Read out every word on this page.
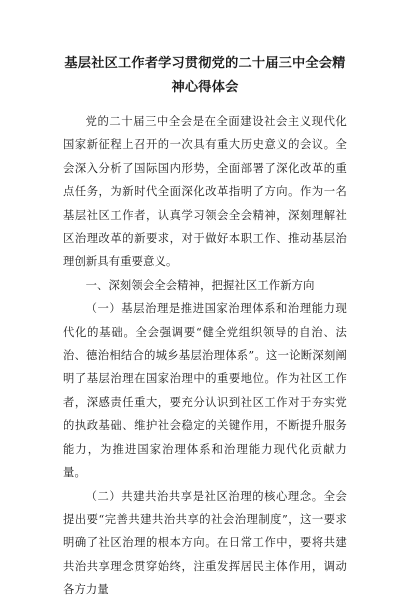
基层社区工作者学习贯彻党的二十届三中全会精神心得体会

党的二十届三中全会是在全面建设社会主义现代化国家新征程上召开的一次具有重大历史意义的会议。全会深入分析了国际国内形势，全面部署了深化改革的重点任务，为新时代全面深化改革指明了方向。作为一名基层社区工作者，认真学习领会全会精神，深刻理解社区治理改革的新要求，对于做好本职工作、推动基层治理创新具有重要意义。

一、深刻领会全会精神，把握社区工作新方向

（一）基层治理是推进国家治理体系和治理能力现代化的基础。全会强调要“健全党组织领导的自治、法治、德治相结合的城乡基层治理体系”。这一论断深刻阐明了基层治理在国家治理中的重要地位。作为社区工作者，深感责任重大，要充分认识到社区工作对于夯实党的执政基础、维护社会稳定的关键作用，不断提升服务能力，为推进国家治理体系和治理能力现代化贡献力量。

（二）共建共治共享是社区治理的核心理念。全会提出要“完善共建共治共享的社会治理制度”，这一要求明确了社区治理的根本方向。在日常工作中，要将共建共治共享理念贯穿始终，注重发挥居民主体作用，调动各方力量
